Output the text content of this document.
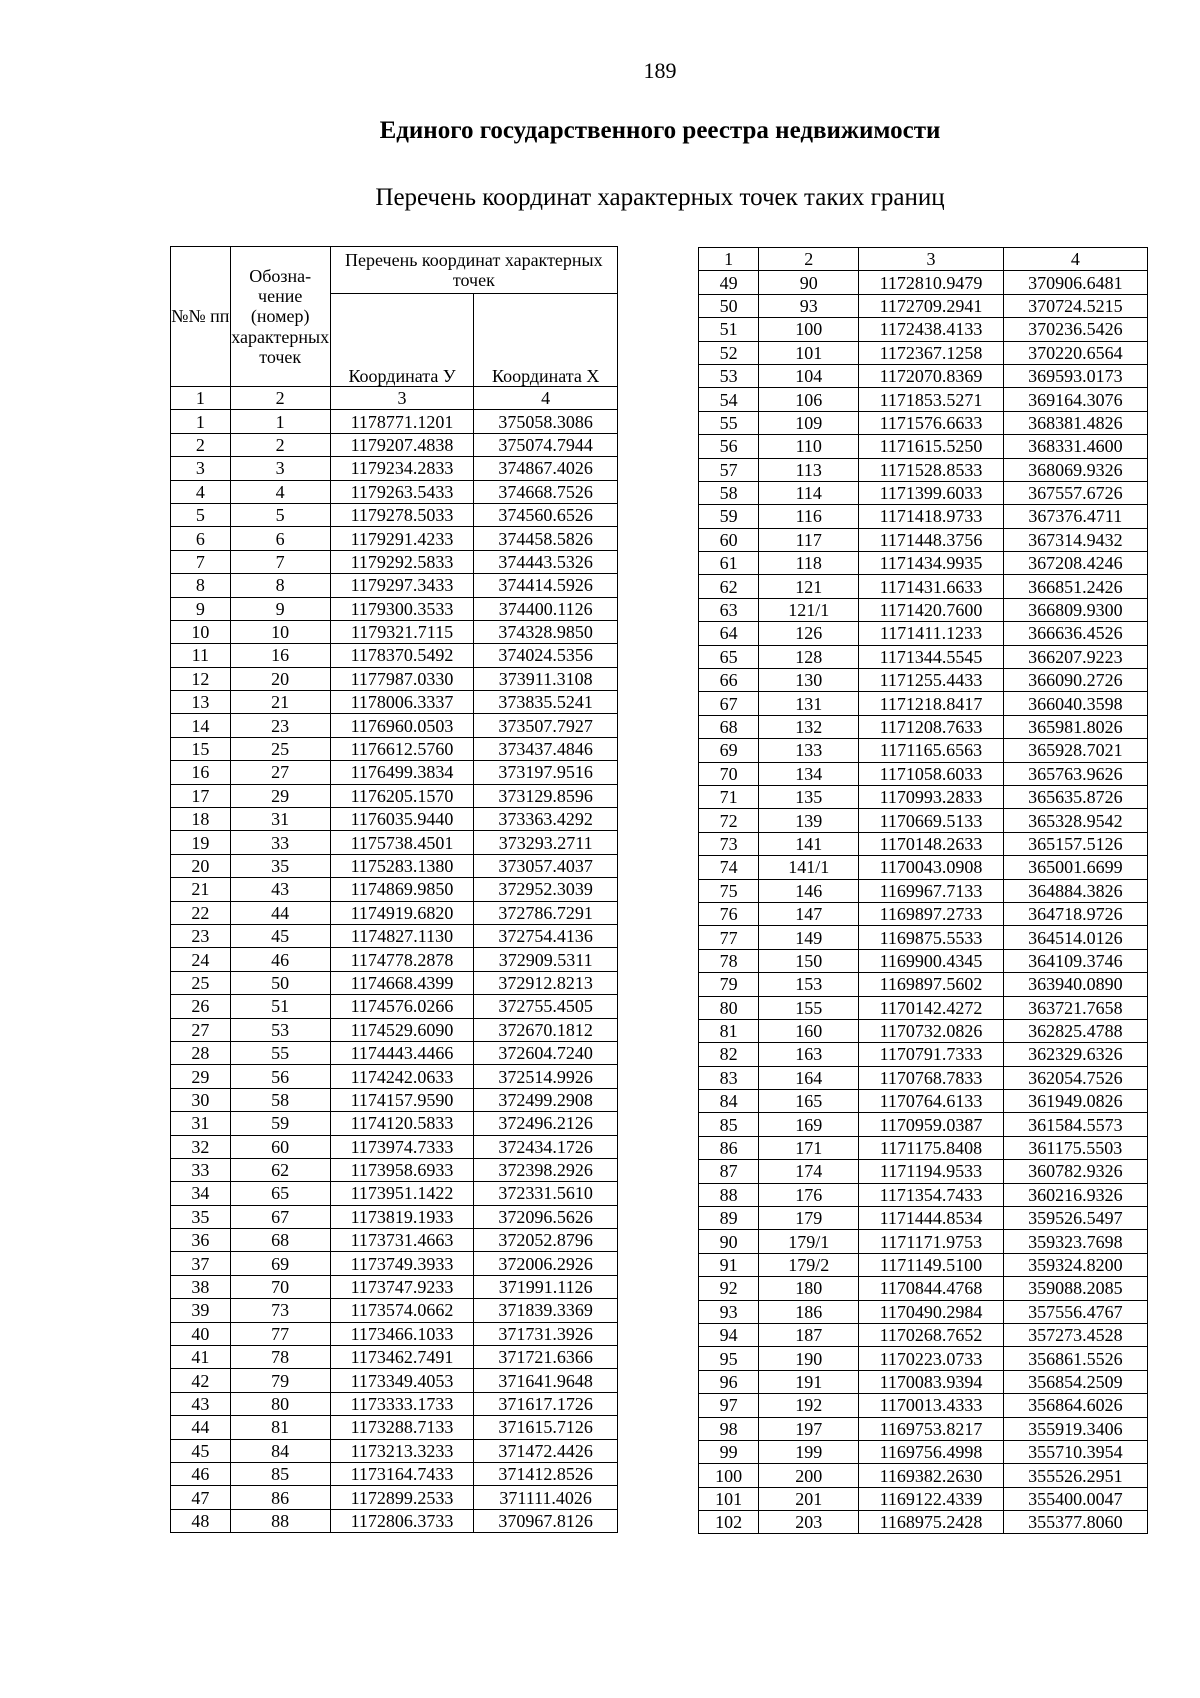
189
Единого государственного реестра недвижимости
Перечень координат характерных точек таких границ
№№ пп	Обозна-чение (номер) характерных точек	Перечень координат характерных точек	
		Координата У	Координата Х
1	2	3	4
1	1	1178771.1201	375058.3086
2	2	1179207.4838	375074.7944
3	3	1179234.2833	374867.4026
4	4	1179263.5433	374668.7526
5	5	1179278.5033	374560.6526
6	6	1179291.4233	374458.5826
7	7	1179292.5833	374443.5326
8	8	1179297.3433	374414.5926
9	9	1179300.3533	374400.1126
10	10	1179321.7115	374328.9850
11	16	1178370.5492	374024.5356
12	20	1177987.0330	373911.3108
13	21	1178006.3337	373835.5241
14	23	1176960.0503	373507.7927
15	25	1176612.5760	373437.4846
16	27	1176499.3834	373197.9516
17	29	1176205.1570	373129.8596
18	31	1176035.9440	373363.4292
19	33	1175738.4501	373293.2711
20	35	1175283.1380	373057.4037
21	43	1174869.9850	372952.3039
22	44	1174919.6820	372786.7291
23	45	1174827.1130	372754.4136
24	46	1174778.2878	372909.5311
25	50	1174668.4399	372912.8213
26	51	1174576.0266	372755.4505
27	53	1174529.6090	372670.1812
28	55	1174443.4466	372604.7240
29	56	1174242.0633	372514.9926
30	58	1174157.9590	372499.2908
31	59	1174120.5833	372496.2126
32	60	1173974.7333	372434.1726
33	62	1173958.6933	372398.2926
34	65	1173951.1422	372331.5610
35	67	1173819.1933	372096.5626
36	68	1173731.4663	372052.8796
37	69	1173749.3933	372006.2926
38	70	1173747.9233	371991.1126
39	73	1173574.0662	371839.3369
40	77	1173466.1033	371731.3926
41	78	1173462.7491	371721.6366
42	79	1173349.4053	371641.9648
43	80	1173333.1733	371617.1726
44	81	1173288.7133	371615.7126
45	84	1173213.3233	371472.4426
46	85	1173164.7433	371412.8526
47	86	1172899.2533	371111.4026
48	88	1172806.3733	370967.8126
1	2	3	4
49	90	1172810.9479	370906.6481
50	93	1172709.2941	370724.5215
51	100	1172438.4133	370236.5426
52	101	1172367.1258	370220.6564
53	104	1172070.8369	369593.0173
54	106	1171853.5271	369164.3076
55	109	1171576.6633	368381.4826
56	110	1171615.5250	368331.4600
57	113	1171528.8533	368069.9326
58	114	1171399.6033	367557.6726
59	116	1171418.9733	367376.4711
60	117	1171448.3756	367314.9432
61	118	1171434.9935	367208.4246
62	121	1171431.6633	366851.2426
63	121/1	1171420.7600	366809.9300
64	126	1171411.1233	366636.4526
65	128	1171344.5545	366207.9223
66	130	1171255.4433	366090.2726
67	131	1171218.8417	366040.3598
68	132	1171208.7633	365981.8026
69	133	1171165.6563	365928.7021
70	134	1171058.6033	365763.9626
71	135	1170993.2833	365635.8726
72	139	1170669.5133	365328.9542
73	141	1170148.2633	365157.5126
74	141/1	1170043.0908	365001.6699
75	146	1169967.7133	364884.3826
76	147	1169897.2733	364718.9726
77	149	1169875.5533	364514.0126
78	150	1169900.4345	364109.3746
79	153	1169897.5602	363940.0890
80	155	1170142.4272	363721.7658
81	160	1170732.0826	362825.4788
82	163	1170791.7333	362329.6326
83	164	1170768.7833	362054.7526
84	165	1170764.6133	361949.0826
85	169	1170959.0387	361584.5573
86	171	1171175.8408	361175.5503
87	174	1171194.9533	360782.9326
88	176	1171354.7433	360216.9326
89	179	1171444.8534	359526.5497
90	179/1	1171171.9753	359323.7698
91	179/2	1171149.5100	359324.8200
92	180	1170844.4768	359088.2085
93	186	1170490.2984	357556.4767
94	187	1170268.7652	357273.4528
95	190	1170223.0733	356861.5526
96	191	1170083.9394	356854.2509
97	192	1170013.4333	356864.6026
98	197	1169753.8217	355919.3406
99	199	1169756.4998	355710.3954
100	200	1169382.2630	355526.2951
101	201	1169122.4339	355400.0047
102	203	1168975.2428	355377.8060
